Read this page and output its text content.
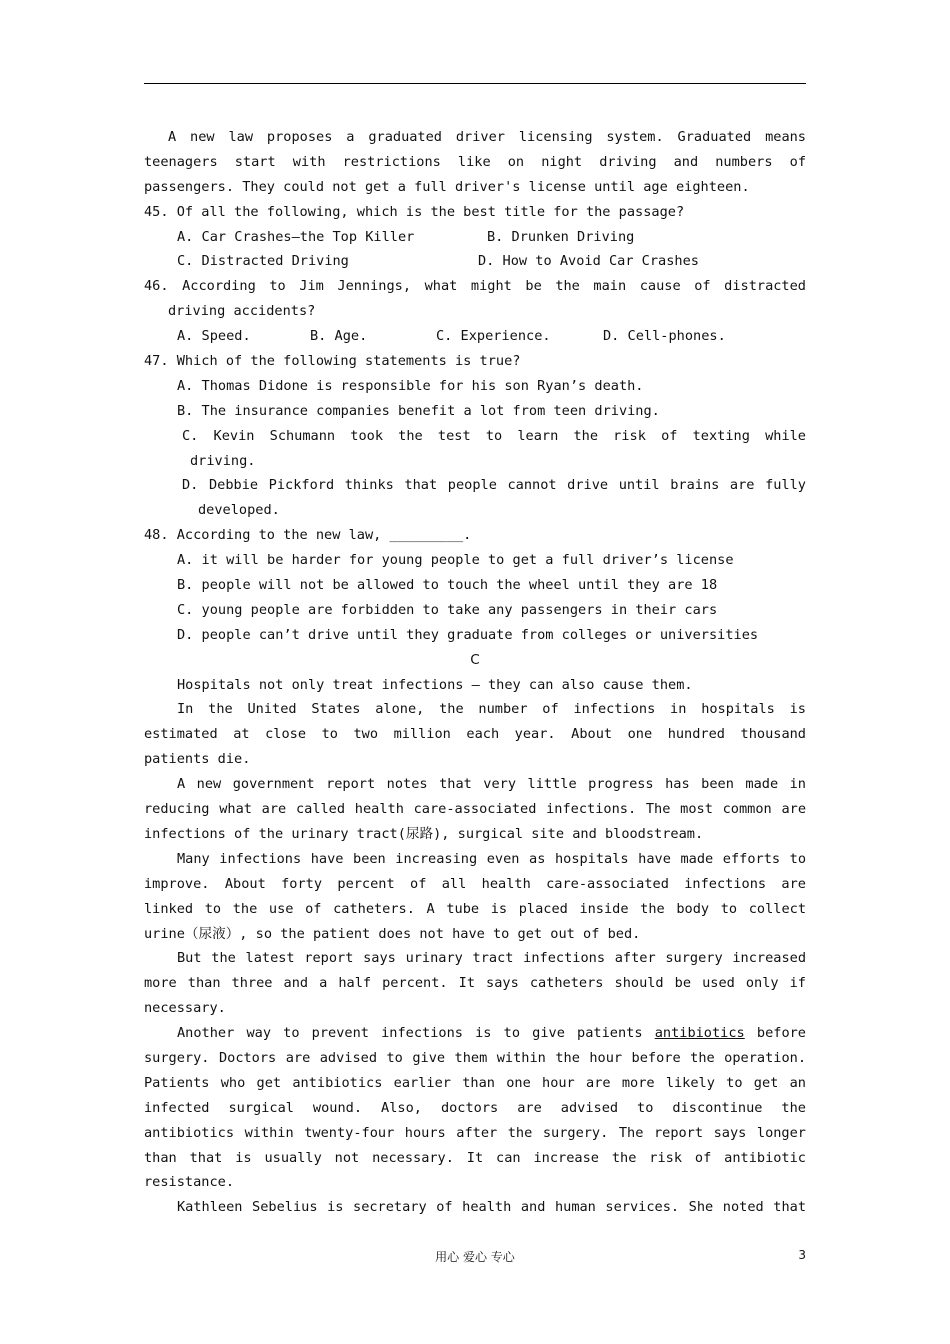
A new law proposes a graduated driver licensing system. Graduated means
teenagers start with restrictions like on night driving and numbers of
passengers. They could not get a full driver's license until age eighteen.
45. Of all the following, which is the best title for the passage?
A. Car Crashes—the Top Killer	B. Drunken Driving
C. Distracted Driving	D. How to Avoid Car Crashes
46. According to Jim Jennings, what might be the main cause of distracted
driving accidents?
A. Speed.	B. Age.	C. Experience.	D. Cell-phones.
47. Which of the following statements is true?
A. Thomas Didone is responsible for his son Ryan’s death.
B. The insurance companies benefit a lot from teen driving.
C. Kevin Schumann took the test to learn the risk of texting while
driving.
D. Debbie Pickford thinks that people cannot drive until brains are fully
developed.
48. According to the new law, _________.
A. it will be harder for young people to get a full driver’s license
B. people will not be allowed to touch the wheel until they are 18
C. young people are forbidden to take any passengers in their cars
D. people can’t drive until they graduate from colleges or universities
C
Hospitals not only treat infections — they can also cause them.
In the United States alone, the number of infections in hospitals is
estimated at close to two million each year. About one hundred thousand
patients die.
A new government report notes that very little progress has been made in
reducing what are called health care-associated infections. The most common are
infections of the urinary tract(尿路), surgical site and bloodstream.
Many infections have been increasing even as hospitals have made efforts to
improve. About forty percent of all health care-associated infections are
linked to the use of catheters. A tube is placed inside the body to collect
urine（尿液）, so the patient does not have to get out of bed.
But the latest report says urinary tract infections after surgery increased
more than three and a half percent. It says catheters should be used only if
necessary.
Another way to prevent infections is to give patients antibiotics before
surgery. Doctors are advised to give them within the hour before the operation.
Patients who get antibiotics earlier than one hour are more likely to get an
infected surgical wound. Also, doctors are advised to discontinue the
antibiotics within twenty-four hours after the surgery. The report says longer
than that is usually not necessary. It can increase the risk of antibiotic
resistance.
Kathleen Sebelius is secretary of health and human services. She noted that
用心 爱心 专心	3
